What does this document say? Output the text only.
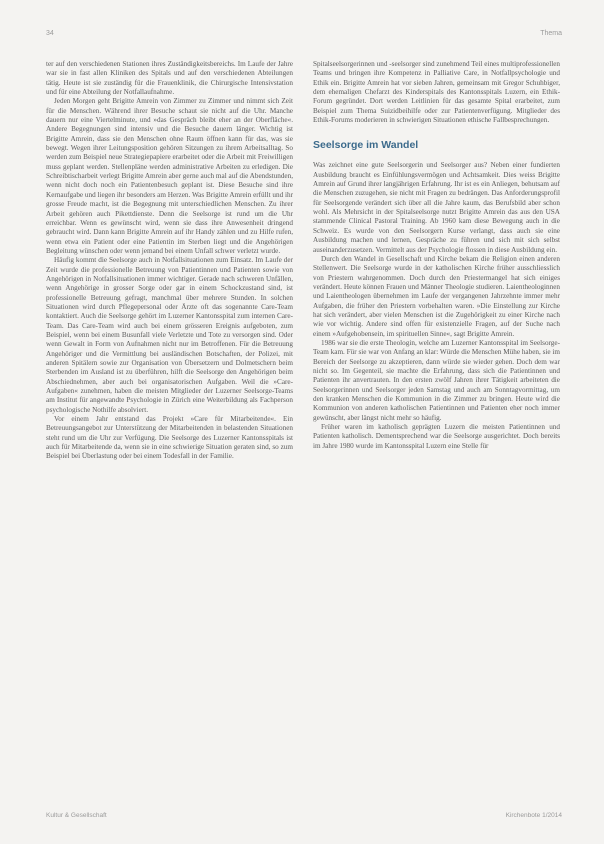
34	Thema

ter auf den verschiedenen Stationen ihres Zuständigkeitsbereichs. Im Laufe der Jahre war sie in fast allen Kliniken des Spitals und auf den verschiedenen Abteilungen tätig. Heute ist sie zuständig für die Frauenklinik, die Chirurgische Intensivstation und für eine Abteilung der Notfallaufnahme.

Jeden Morgen geht Brigitte Amrein von Zimmer zu Zimmer und nimmt sich Zeit für die Menschen. Während ihrer Besuche schaut sie nicht auf die Uhr. Manche dauern nur eine Viertelminute, und »das Gespräch bleibt eher an der Oberfläche«. Andere Begegnungen sind intensiv und die Besuche dauern länger. Wichtig ist Brigitte Amrein, dass sie den Menschen ohne Raum öffnen kann für das, was sie bewegt. Wegen ihrer Leitungsposition gehören Sitzungen zu ihrem Arbeitsalltag. So werden zum Beispiel neue Strategiepapiere erarbeitet oder die Arbeit mit Freiwilligen muss geplant werden. Stellenpläne werden administrative Arbeiten zu erledigen. Die Schreibtischarbeit verlegt Brigitte Amrein aber gerne auch mal auf die Abendstunden, wenn nicht doch noch ein Patientenbesuch geplant ist. Diese Besuche sind ihre Kernaufgabe und liegen ihr besonders am Herzen. Was Brigitte Amrein erfüllt und ihr grosse Freude macht, ist die Begegnung mit unterschiedlichen Menschen. Zu ihrer Arbeit gehören auch Pikettdienste. Denn die Seelsorge ist rund um die Uhr erreichbar. Wenn es gewünscht wird, wenn sie dass ihre Anwesenheit dringend gebraucht wird. Dann kann Brigitte Amrein auf ihr Handy zählen und zu Hilfe rufen, wenn etwa ein Patient oder eine Patientin im Sterben liegt und die Angehörigen Begleitung wünschen oder wenn jemand bei einem Unfall schwer verletzt wurde.

Häufig kommt die Seelsorge auch in Notfallsituationen zum Einsatz. Im Laufe der Zeit wurde die professionelle Betreuung von Patientinnen und Patienten sowie von Angehörigen in Notfallsituationen immer wichtiger. Gerade nach schweren Unfällen, wenn Angehörige in grosser Sorge oder gar in einem Schockzustand sind, ist professionelle Betreuung gefragt, manchmal über mehrere Stunden. In solchen Situationen wird durch Pflegepersonal oder Ärzte oft das sogenannte Care-Team kontaktiert. Auch die Seelsorge gehört im Luzerner Kantonsspital zum internen Care-Team. Das Care-Team wird auch bei einem grösseren Ereignis aufgeboten, zum Beispiel, wenn bei einem Busunfall viele Verletzte und Tote zu versorgen sind. Oder wenn Gewalt in Form von Aufnahmen nicht nur im Betroffenen. Für die Betreuung Angehöriger und die Vermittlung bei ausländischen Botschaften, der Polizei, mit anderen Spitälern sowie zur Organisation von Übersetzern und Dolmetschern beim Sterbenden im Ausland ist zu überführen, hilft die Seelsorge den Angehörigen beim Abschiednehmen, aber auch bei organisatorischen Aufgaben. Weil die »Care-Aufgaben« zunehmen, haben die meisten Mitglieder der Luzerner Seelsorge-Teams am Institut für angewandte Psychologie in Zürich eine Weiterbildung als Fachperson psychologische Nothilfe absolviert.

Vor einem Jahr entstand das Projekt »Care für Mitarbeitende«. Ein Betreuungsangebot zur Unterstützung der Mitarbeitenden in belastenden Situationen steht rund um die Uhr zur Verfügung. Die Seelsorge des Luzerner Kantonsspitals ist auch für Mitarbeitende da, wenn sie in eine schwierige Situation geraten sind, so zum Beispiel bei Überlastung oder bei einem Todesfall in der Familie.

Spitalseelsorgerinnen und -seelsorger sind zunehmend Teil eines multiprofessionellen Teams und bringen ihre Kompetenz in Palliative Care, in Notfallpsychologie und Ethik ein. Brigitte Amrein hat vor sieben Jahren, gemeinsam mit Gregor Schuhbiger, dem ehemaligen Chefarzt des Kinderspitals des Kantonsspitals Luzern, ein Ethik-Forum gegründet. Dort werden Leitlinien für das gesamte Spital erarbeitet, zum Beispiel zum Thema Suizidbeihilfe oder zur Patientenverfügung. Mitglieder des Ethik-Forums moderieren in schwierigen Situationen ethische Fallbesprechungen.

Seelsorge im Wandel

Was zeichnet eine gute Seelsorgerin und Seelsorger aus? Neben einer fundierten Ausbildung braucht es Einfühlungsvermögen und Achtsamkeit. Dies weiss Brigitte Amrein auf Grund ihrer langjährigen Erfahrung. Ihr ist es ein Anliegen, behutsam auf die Menschen zuzugehen, sie nicht mit Fragen zu bedrängen. Das Anforderungsprofil für Seelsorgende verändert sich über all die Jahre kaum, das Berufsbild aber schon wohl. Als Mehrsicht in der Spitalseelsorge nutzt Brigitte Amrein das aus den USA stammende Clinical Pastoral Training. Ab 1960 kam diese Bewegung auch in die Schweiz. Es wurde von den Seelsorgern Kurse verlangt, dass auch sie eine Ausbildung machen und lernen, Gespräche zu führen und sich mit sich selbst auseinanderzusetzen. Vermittelt aus der Psychologie flossen in diese Ausbildung ein.

Durch den Wandel in Gesellschaft und Kirche bekam die Religion einen anderen Stellenwert. Die Seelsorge wurde in der katholischen Kirche früher ausschliesslich von Priestern wahrgenommen. Doch durch den Priestermangel hat sich einiges verändert. Heute können Frauen und Männer Theologie studieren. Laientheologinnen und Laientheologen übernehmen im Laufe der vergangenen Jahrzehnte immer mehr Aufgaben, die früher den Priestern vorbehalten waren. »Die Einstellung zur Kirche hat sich verändert, aber vielen Menschen ist die Zugehörigkeit zu einer Kirche nach wie vor wichtig. Andere sind offen für existenzielle Fragen, auf der Suche nach einem »Aufgehobensein, im spirituellen Sinne«, sagt Brigitte Amrein.

1986 war sie die erste Theologin, welche am Luzerner Kantonsspital im Seelsorge-Team kam. Für sie war von Anfang an klar: Würde die Menschen Mühe haben, sie im Bereich der Seelsorge zu akzeptieren, dann würde sie wieder gehen. Doch dem war nicht so. Im Gegenteil, sie machte die Erfahrung, dass sich die Patientinnen und Patienten ihr anvertrauten. In den ersten zwölf Jahren ihrer Tätigkeit arbeiteten die Seelsorgerinnen und Seelsorger jeden Samstag und auch am Sonntagvormittag, um den kranken Menschen die Kommunion in die Zimmer zu bringen. Heute wird die Kommunion von anderen katholischen Patientinnen und Patienten eher noch immer gewünscht, aber längst nicht mehr so häufig.

Früher waren im katholisch geprägten Luzern die meisten Patientinnen und Patienten katholisch. Dementsprechend war die Seelsorge ausgerichtet. Doch bereits im Jahre 1980 wurde im Kantonsspital Luzern eine Stelle für

Kultur & Gesellschaft	Kirchenbote 1/2014
